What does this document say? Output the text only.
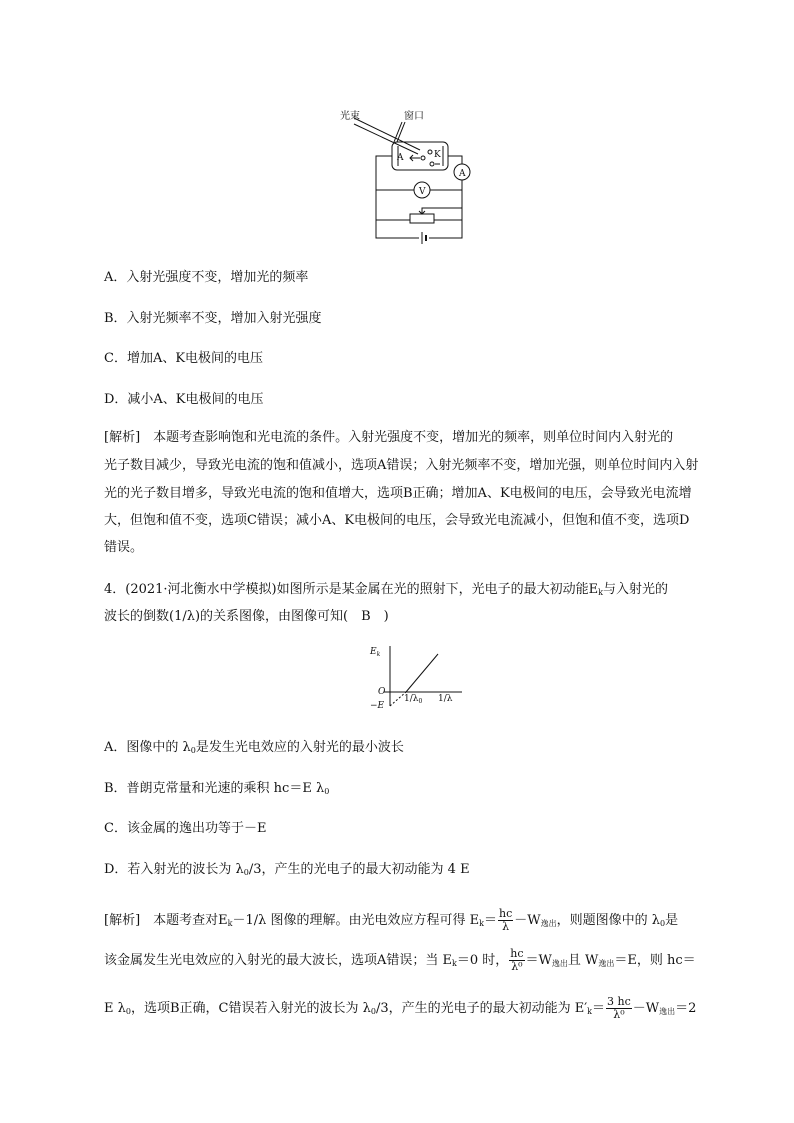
光束	窗口
A	K
V
A
A．入射光强度不变，增加光的频率
B．入射光频率不变，增加入射光强度
C．增加A、K电极间的电压
D．减小A、K电极间的电压
[解析]　本题考查影响饱和光电流的条件。入射光强度不变，增加光的频率，则单位时间内入射光的
光子数目减少，导致光电流的饱和值减小，选项A错误；入射光频率不变，增加光强，则单位时间内入射
光的光子数目增多，导致光电流的饱和值增大，选项B正确；增加A、K电极间的电压，会导致光电流增
大，但饱和值不变，选项C错误；减小A、K电极间的电压，会导致光电流减小，但饱和值不变，选项D
错误。
4．(2021·河北衡水中学模拟)如图所示是某金属在光的照射下，光电子的最大初动能$E_k$与入射光的
波长的倒数(1/λ)的关系图像，由图像可知(　B　)
$E_k$
O
−E
$1/\lambda_0$ 1/λ
A．图像中的 $\lambda_0$是发生光电效应的入射光的最小波长
B．普朗克常量和光速的乘积 hc＝E $\lambda_0$
C．该金属的逸出功等于－E
D．若入射光的波长为 $\lambda_0/3$，产生的光电子的最大初动能为 4 E
[解析]　本题考查对$E_k-1/\lambda$ 图像的理解。由光电效应方程可得 $E_k= \frac{hc}{\lambda} -W_{逸出}$，则题图像中的 $\lambda_0$是
该金属发生光电效应的入射光的最大波长，选项A错误；当 $E_k=0$ 时， $\frac{hc}{\text{λ⁰}} =W_{逸出}$且 $W_{逸出}=E$，则 hc＝
E $\lambda_0$，选项B正确，C错误若入射光的波长为 $\lambda_0/3$，产生的光电子的最大初动能为 $E'_k= \frac{3 hc}{\text{λ⁰}} -W_{逸出}=2$
